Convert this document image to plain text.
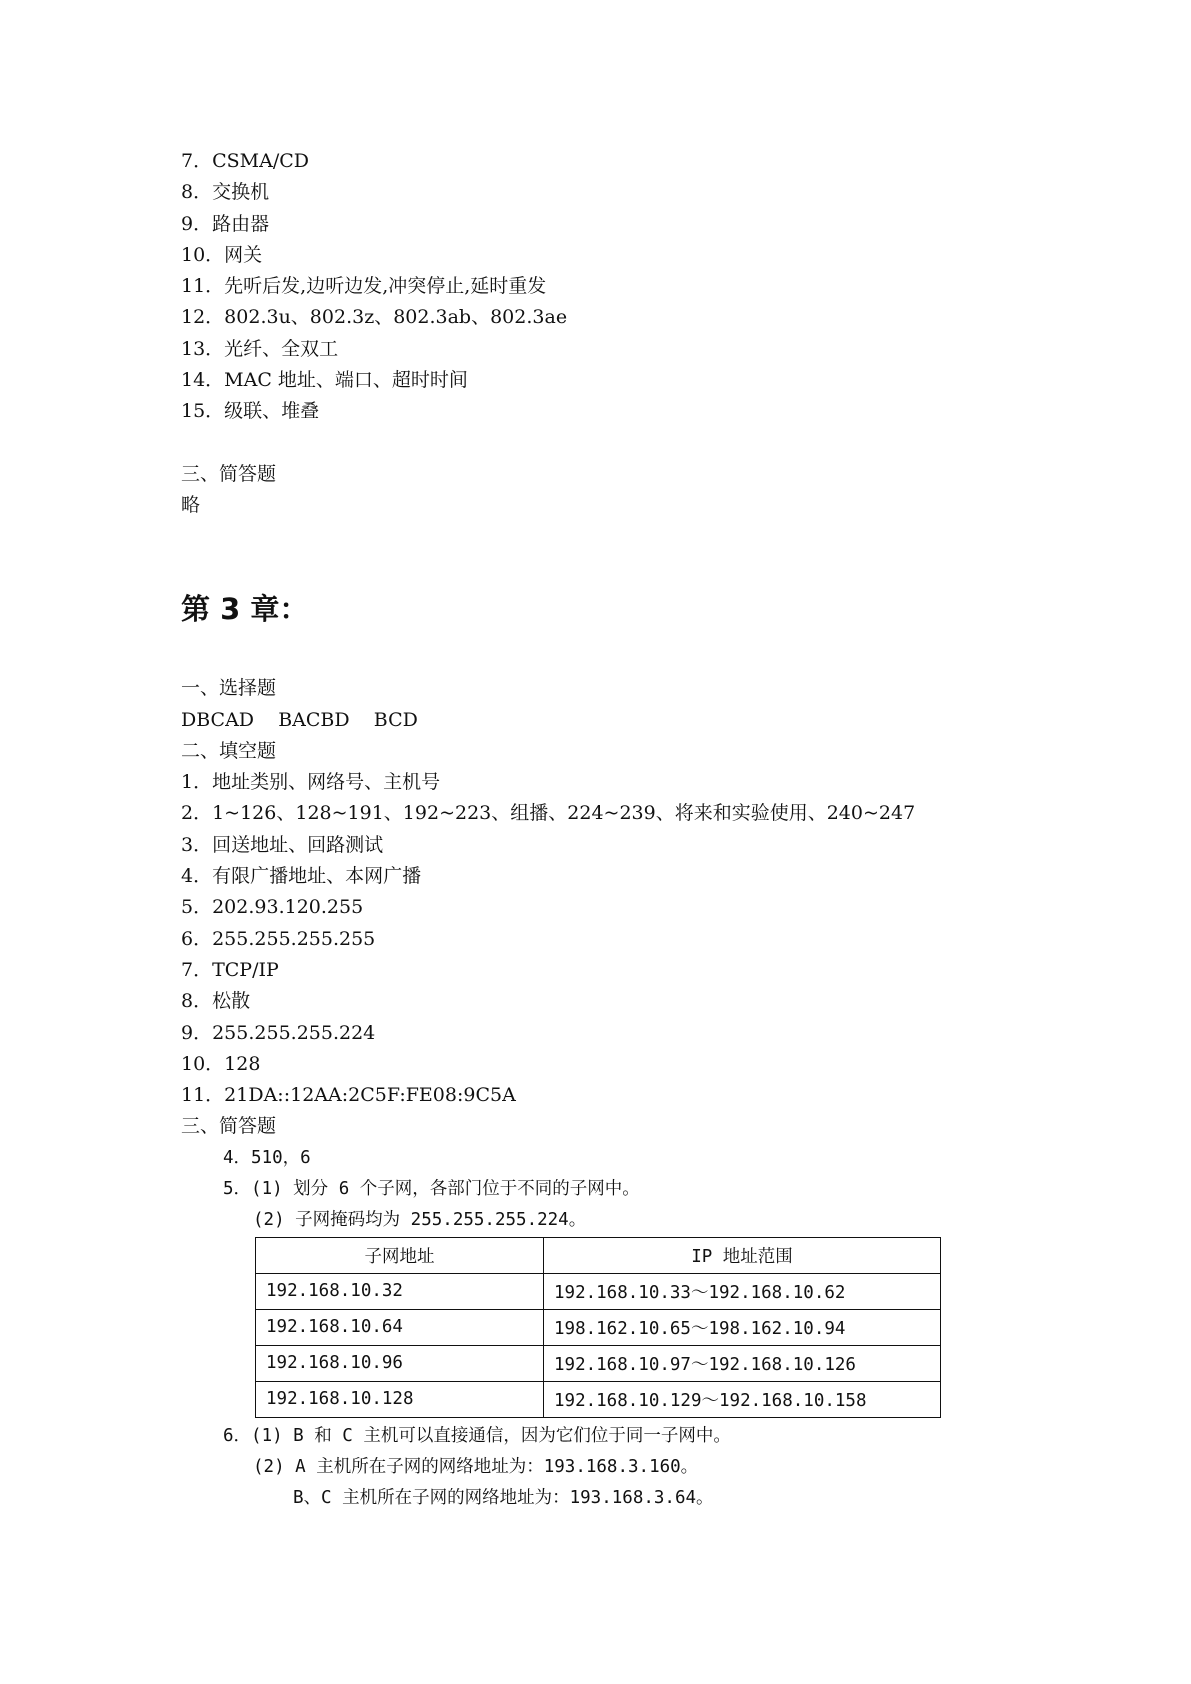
7．CSMA/CD
8．交换机
9．路由器
10．网关
11．先听后发,边听边发,冲突停止,延时重发
12．802.3u、802.3z、802.3ab、802.3ae
13．光纤、全双工
14．MAC 地址、端口、超时时间
15．级联、堆叠
三、简答题
略
第 3 章：
一、选择题
DBCAD    BACBD    BCD
二、填空题
1．地址类别、网络号、主机号
2．1~126、128~191、192~223、组播、224~239、将来和实验使用、240~247
3．回送地址、回路测试
4．有限广播地址、本网广播
5．202.93.120.255
6．255.255.255.255
7．TCP/IP
8．松散
9．255.255.255.224
10．128
11．21DA::12AA:2C5F:FE08:9C5A
三、简答题
4．510，6
5．(1) 划分 6 个子网，各部门位于不同的子网中。
(2) 子网掩码均为 255.255.255.224。
子网地址	IP 地址范围
192.168.10.32	192.168.10.33～192.168.10.62
192.168.10.64	198.162.10.65～198.162.10.94
192.168.10.96	192.168.10.97～192.168.10.126
192.168.10.128	192.168.10.129～192.168.10.158
6．(1) B 和 C 主机可以直接通信，因为它们位于同一子网中。
(2) A 主机所在子网的网络地址为：193.168.3.160。
B、C 主机所在子网的网络地址为：193.168.3.64。
